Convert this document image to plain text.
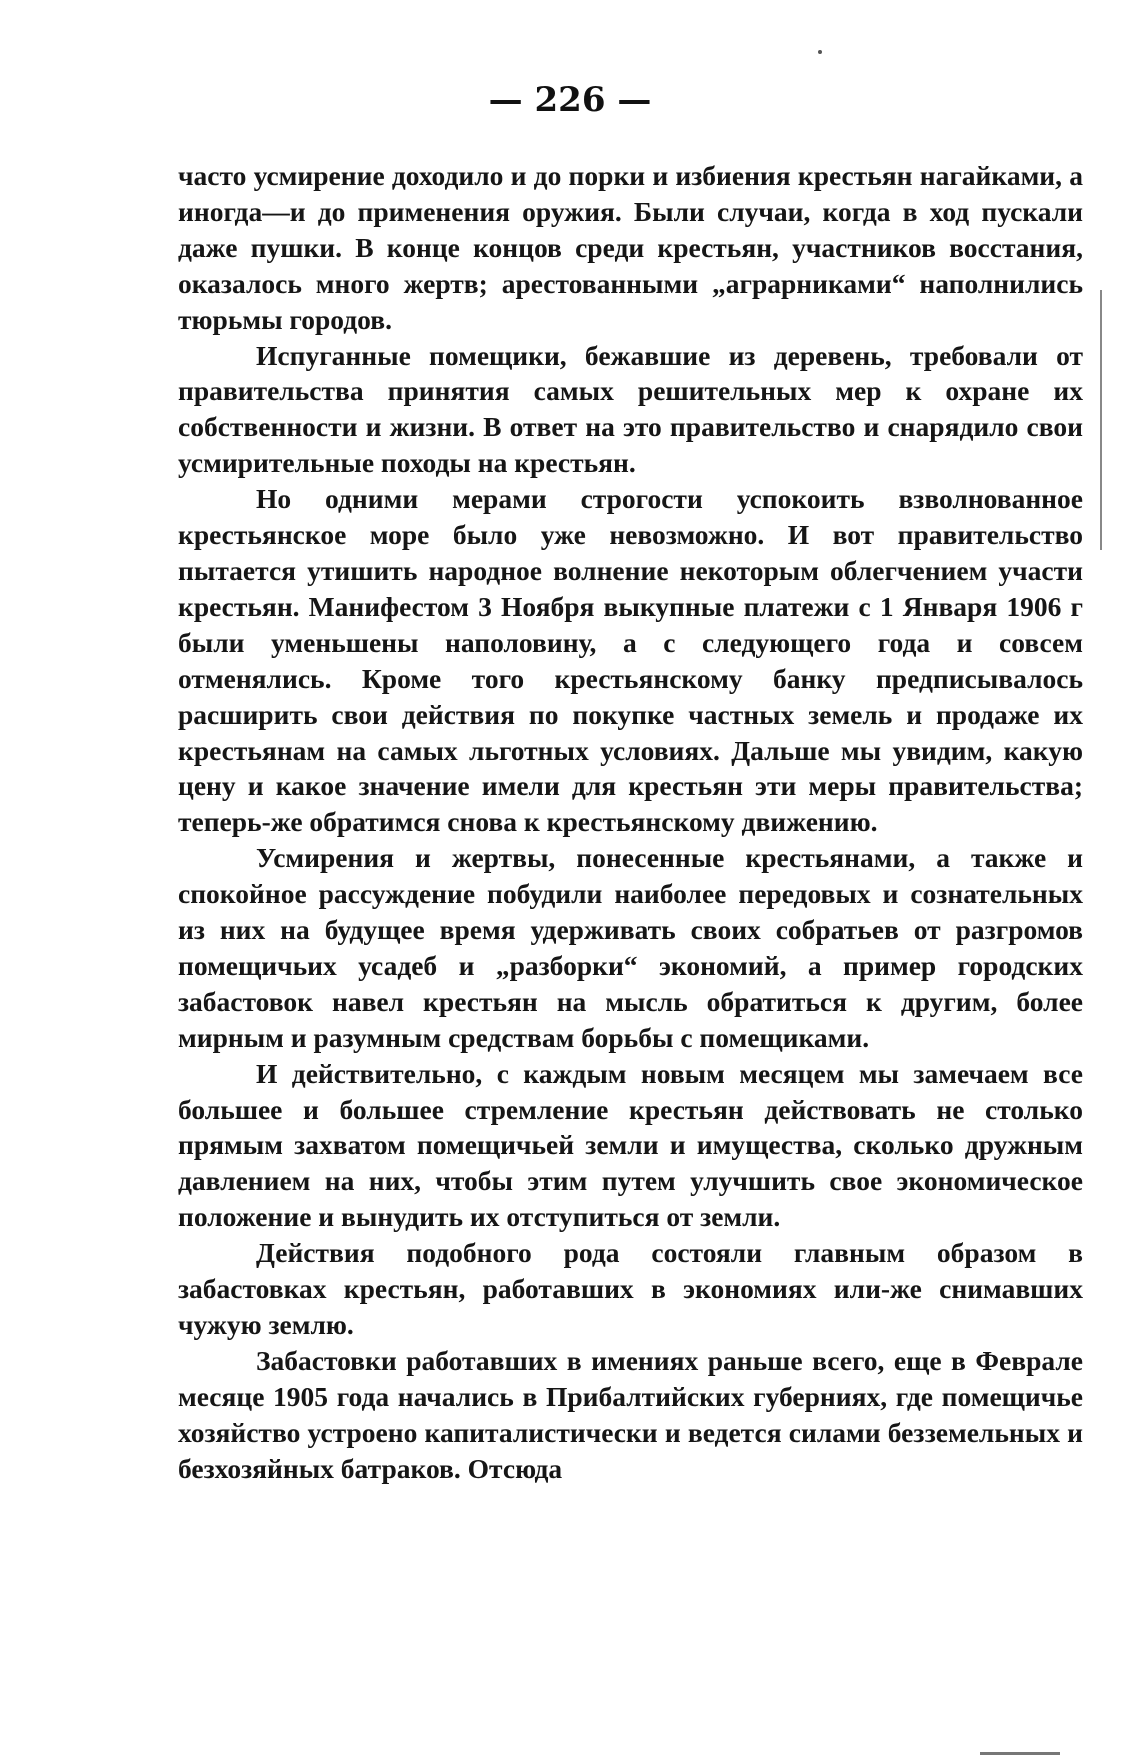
— 226 —

часто усмирение доходило и до порки и избиения крестьян нагайками, а иногда—и до применения оружия. Были случаи, когда в ход пускали даже пушки. В конце концов среди крестьян, участников восстания, оказалось много жертв; арестованными „аграрниками“ наполнились тюрьмы городов.

Испуганные помещики, бежавшие из деревень, требовали от правительства принятия самых решительных мер к охране их собственности и жизни. В ответ на это правительство и снарядило свои усмирительные походы на крестьян.

Но одними мерами строгости успокоить взволнованное крестьянское море было уже невозможно. И вот правительство пытается утишить народное волнение некоторым облегчением участи крестьян. Манифестом 3 Ноября выкупные платежи с 1 Января 1906 г были уменьшены наполовину, а с следующего года и совсем отменялись. Кроме того крестьянскому банку предписывалось расширить свои действия по покупке частных земель и продаже их крестьянам на самых льготных условиях. Дальше мы увидим, какую цену и какое значение имели для крестьян эти меры правительства; теперь-же обратимся снова к крестьянскому движению.

Усмирения и жертвы, понесенные крестьянами, а также и спокойное рассуждение побудили наиболее передовых и сознательных из них на будущее время удерживать своих собратьев от разгромов помещичьих усадеб и „разборки“ экономий, а пример городских забастовок навел крестьян на мысль обратиться к другим, более мирным и разумным средствам борьбы с помещиками.

И действительно, с каждым новым месяцем мы замечаем все большее и большее стремление крестьян действовать не столько прямым захватом помещичьей земли и имущества, сколько дружным давлением на них, чтобы этим путем улучшить свое экономическое положение и вынудить их отступиться от земли.

Действия подобного рода состояли главным образом в забастовках крестьян, работавших в экономиях или-же снимавших чужую землю.

Забастовки работавших в имениях раньше всего, еще в Феврале месяце 1905 года начались в Прибалтийских губерниях, где помещичье хозяйство устроено капиталистически и ведется силами безземельных и безхозяйных батраков. Отсюда
